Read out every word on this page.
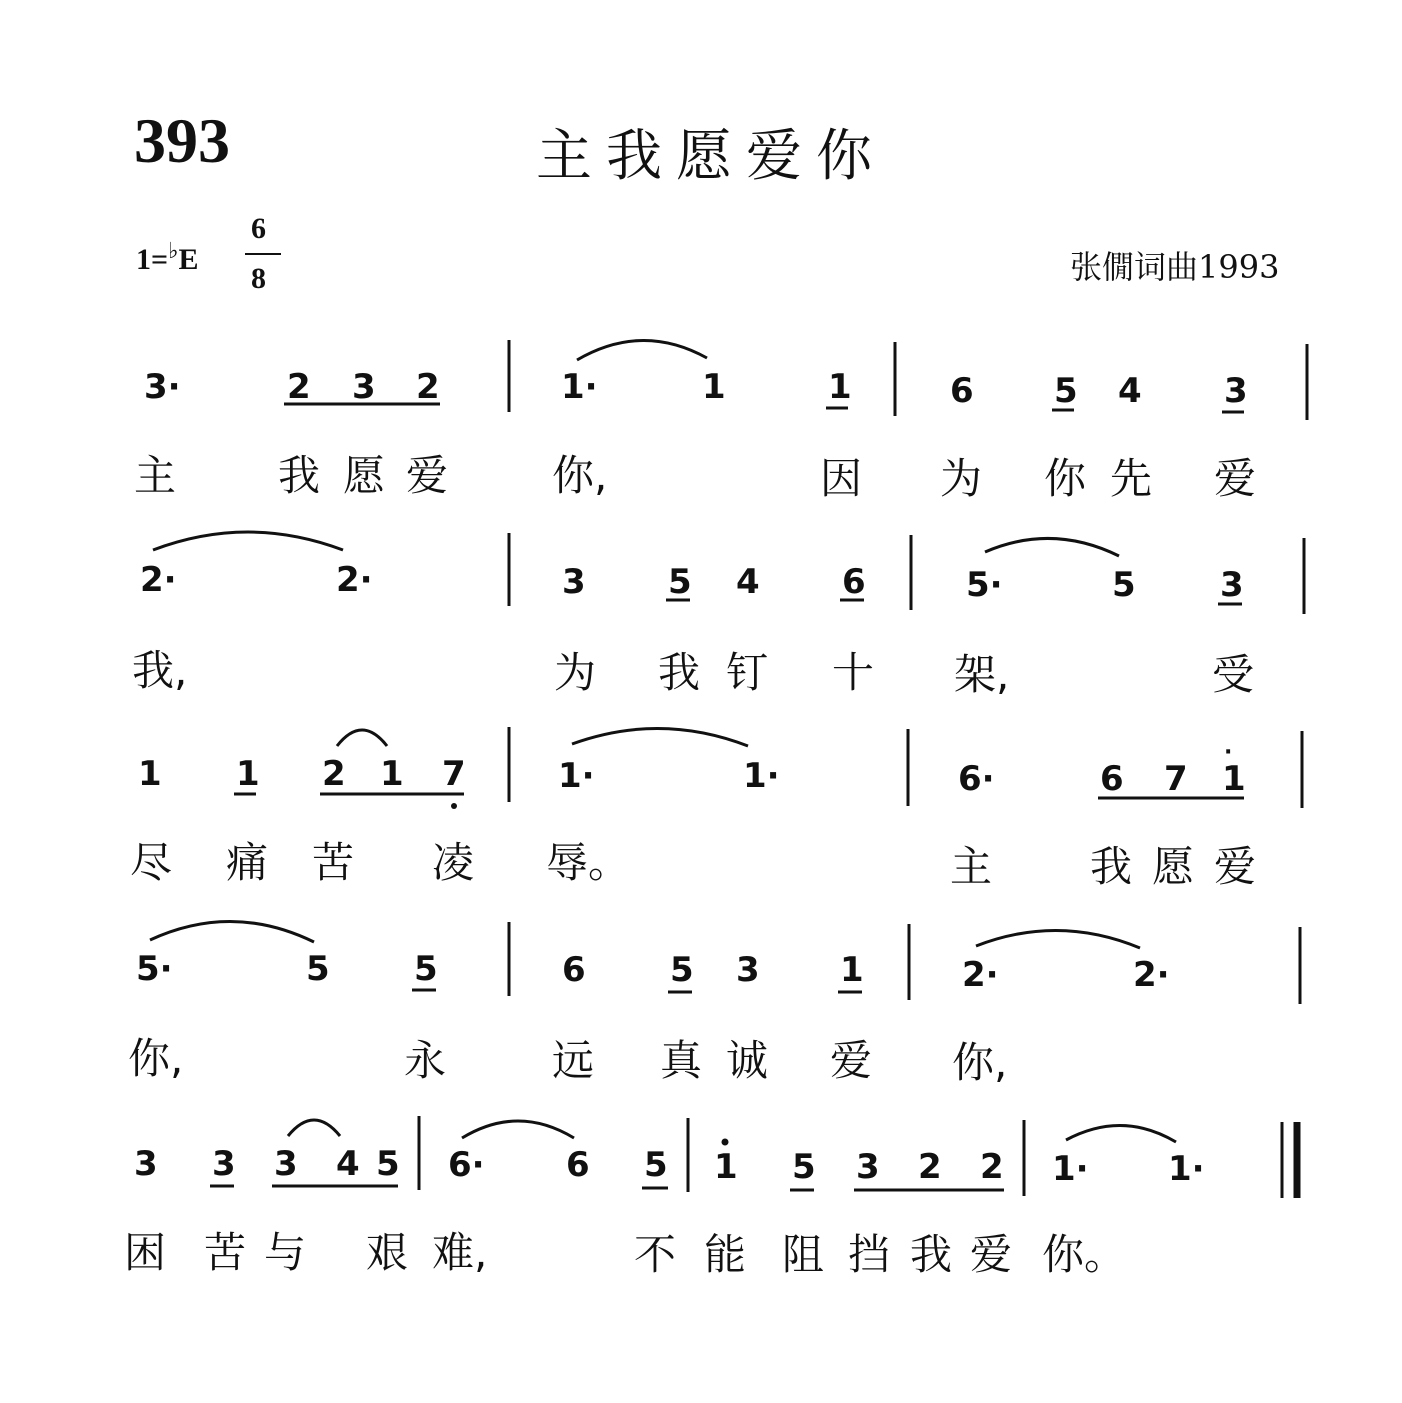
393	主我愿爱你
1=♭E
6
8	张僩词曲1993
3·	2 3 2	1·	1	1	6 5 4 3
主 我 愿 爱 你,	因 为 你 先 爱
2·	2·	3 5 4 6	5·	5 3
我,	为 我 钉 十 架,	受
1 1 2 1 7	1·	1·	6·	6 7 1
·
尽 痛 苦 凌 辱。	主 我 愿 爱
5·	5 5	6 5 3 1	2·	2·
你,	永	远 真 诚 爱 你,
3 3 3 4 5 6· 6 5 1 5 3 2 2 1· 1·
困 苦 与 艰 难,	不 能 阻 挡 我 爱 你。
